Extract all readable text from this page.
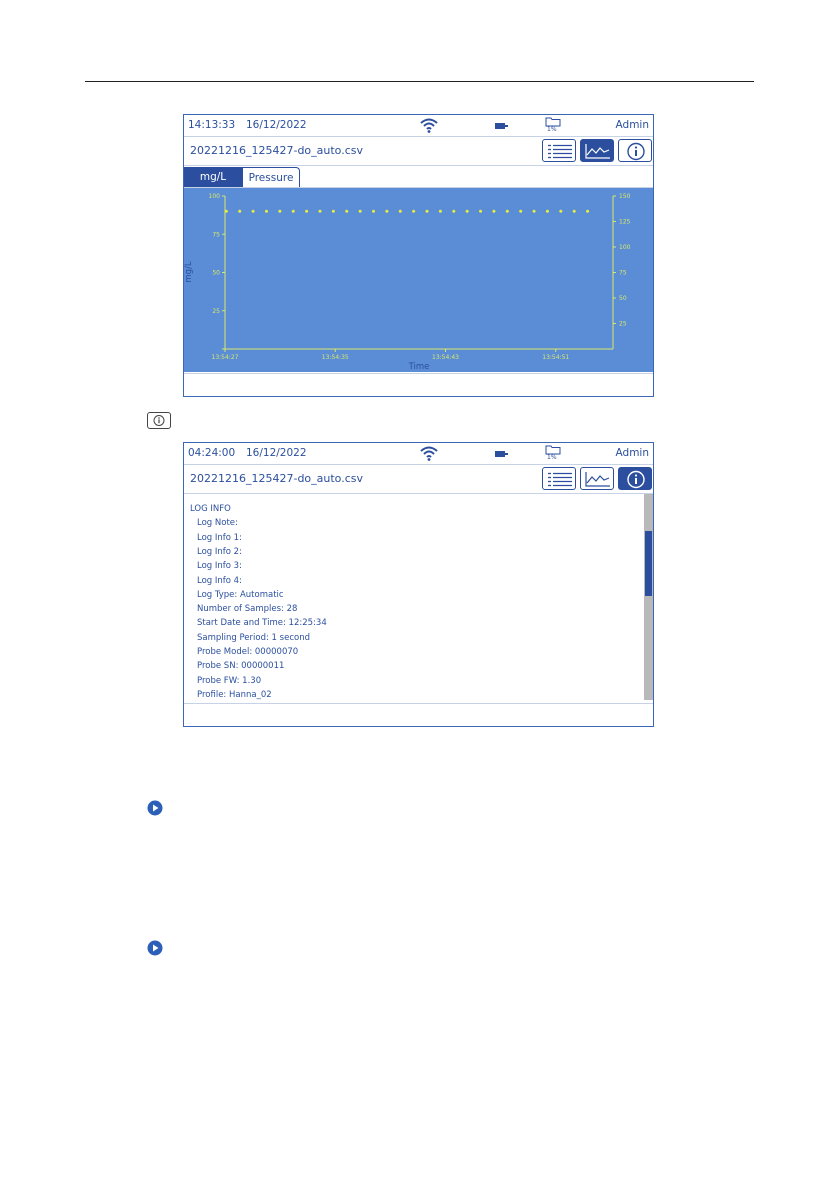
14:13:33 16/12/2022	1%	Admin
20221216_125427-do_auto.csv
mg/L	Pressure
25
50
75
100
25
50
75
100
125
150
13:54:27	13:54:35	13:54:43	13:54:51
Time
mg/L
04:24:00 16/12/2022	1%	Admin
20221216_125427-do_auto.csv
LOG INFO
Log Note:
Log Info 1:
Log Info 2:
Log Info 3:
Log Info 4:
Log Type: Automatic
Number of Samples: 28
Start Date and Time: 12:25:34
Sampling Period: 1 second
Probe Model: 00000070
Probe SN: 00000011
Probe FW: 1.30
Profile: Hanna_02
